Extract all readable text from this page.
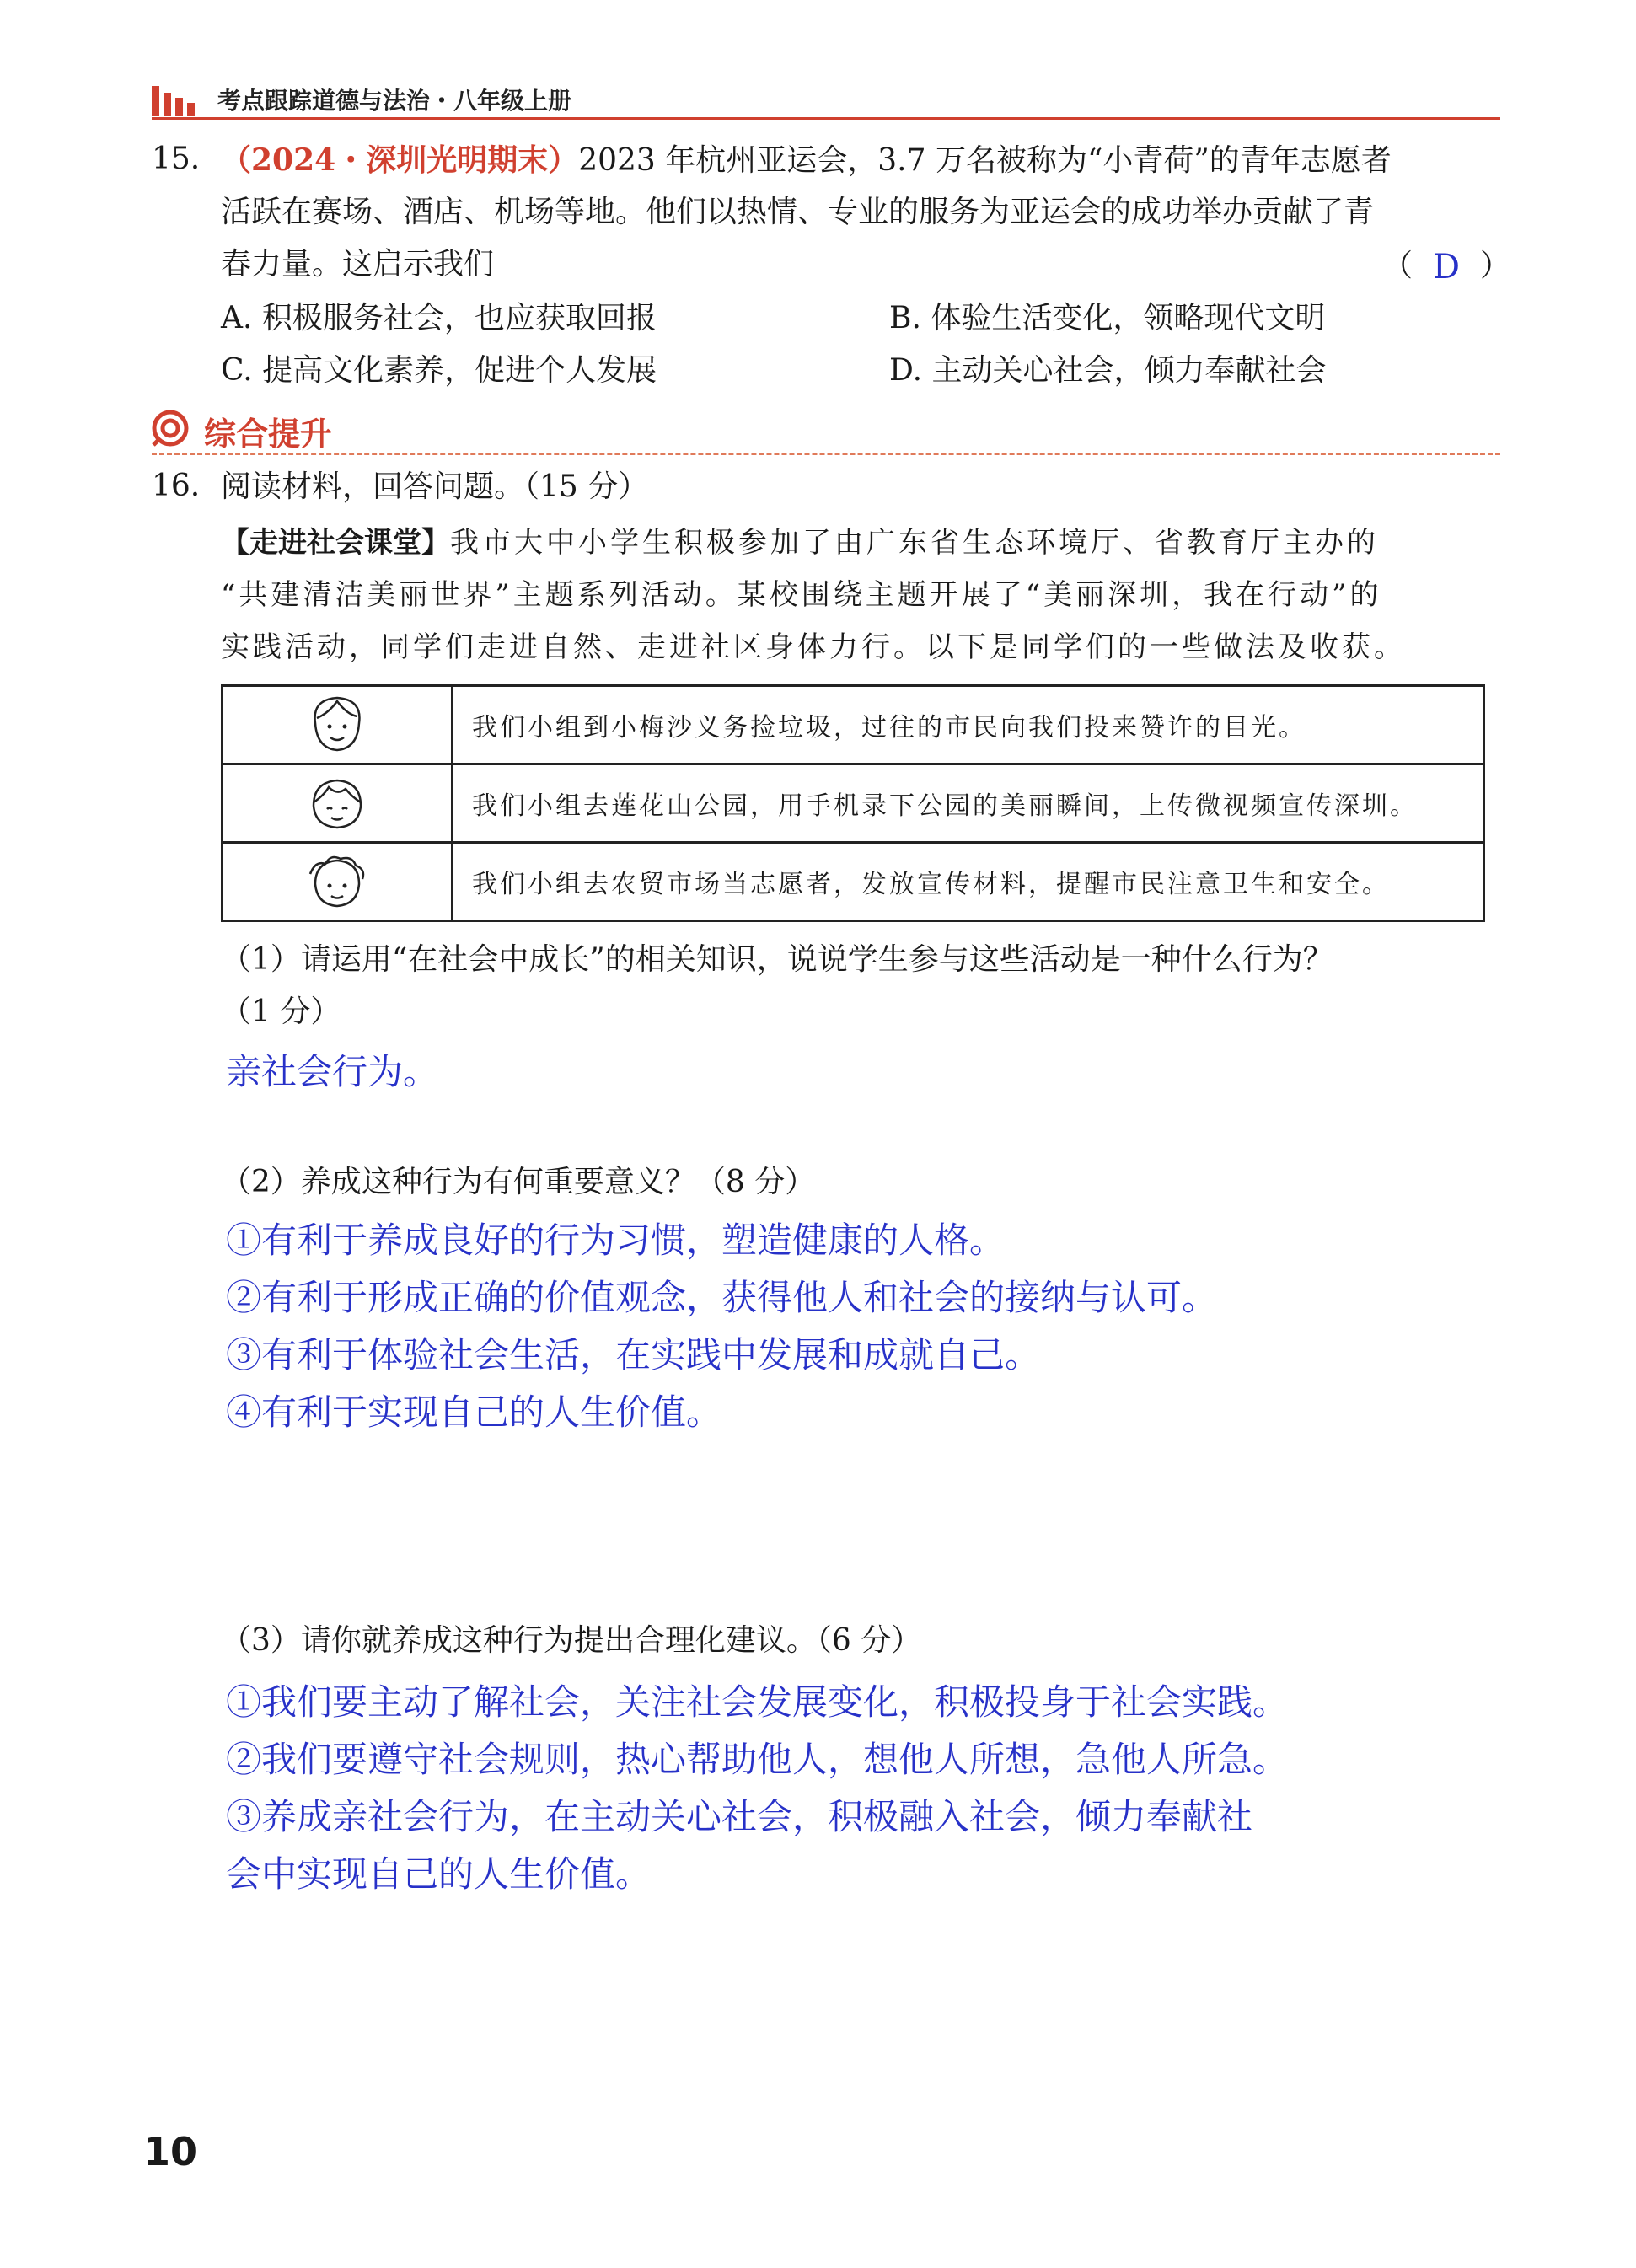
考点跟踪道德与法治・八年级上册
15. （2024・深圳光明期末）2023 年杭州亚运会，3.7 万名被称为“小青荷”的青年志愿者
活跃在赛场、酒店、机场等地。他们以热情、专业的服务为亚运会的成功举办贡献了青
春力量。这启示我们	（ D ）
A. 积极服务社会，也应获取回报	B. 体验生活变化，领略现代文明
C. 提高文化素养，促进个人发展	D. 主动关心社会，倾力奉献社会
综合提升
16. 阅读材料，回答问题。（15 分）
【走进社会课堂】我市大中小学生积极参加了由广东省生态环境厅、省教育厅主办的
“共建清洁美丽世界”主题系列活动。某校围绕主题开展了“美丽深圳，我在行动”的
实践活动，同学们走进自然、走进社区身体力行。以下是同学们的一些做法及收获。
	我们小组到小梅沙义务捡垃圾，过往的市民向我们投来赞许的目光。
	我们小组去莲花山公园，用手机录下公园的美丽瞬间，上传微视频宣传深圳。
	我们小组去农贸市场当志愿者，发放宣传材料，提醒市民注意卫生和安全。
（1）请运用“在社会中成长”的相关知识，说说学生参与这些活动是一种什么行为？
（1 分）
亲社会行为。
（2）养成这种行为有何重要意义？（8 分）
①有利于养成良好的行为习惯，塑造健康的人格。
②有利于形成正确的价值观念，获得他人和社会的接纳与认可。
③有利于体验社会生活，在实践中发展和成就自己。
④有利于实现自己的人生价值。
（3）请你就养成这种行为提出合理化建议。（6 分）
①我们要主动了解社会，关注社会发展变化，积极投身于社会实践。
②我们要遵守社会规则，热心帮助他人，想他人所想，急他人所急。
③养成亲社会行为，在主动关心社会，积极融入社会，倾力奉献社
会中实现自己的人生价值。
10
